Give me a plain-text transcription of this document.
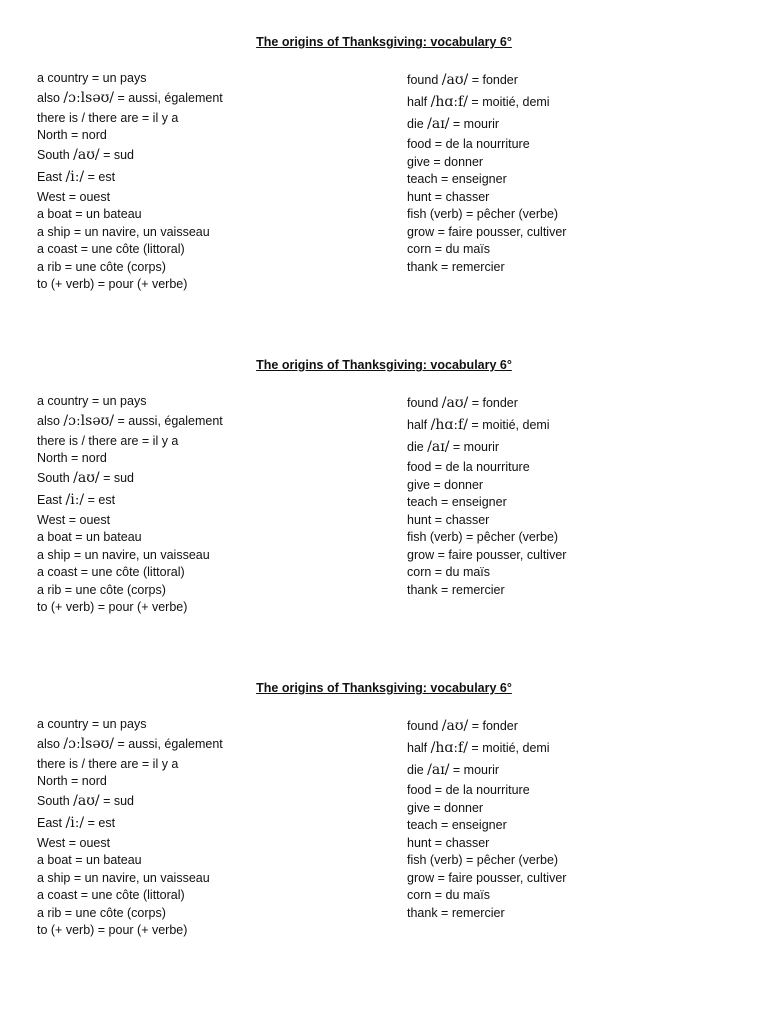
The origins of Thanksgiving: vocabulary 6°
a country = un pays
also /ɔːlsəʊ/ = aussi, également
there is / there are = il y a
North = nord
South /aʊ/ = sud
East /iː/ = est
West = ouest
a boat = un bateau
a ship = un navire, un vaisseau
a coast = une côte (littoral)
a rib = une côte (corps)
to (+ verb) = pour (+ verbe)
found /aʊ/ = fonder
half /hɑːf/ = moitié, demi
die /aɪ/ = mourir
food = de la nourriture
give = donner
teach = enseigner
hunt = chasser
fish (verb) = pêcher (verbe)
grow = faire pousser, cultiver
corn = du maïs
thank = remercier
The origins of Thanksgiving: vocabulary 6°
a country = un pays
also /ɔːlsəʊ/ = aussi, également
there is / there are = il y a
North = nord
South /aʊ/ = sud
East /iː/ = est
West = ouest
a boat = un bateau
a ship = un navire, un vaisseau
a coast = une côte (littoral)
a rib = une côte (corps)
to (+ verb) = pour (+ verbe)
found /aʊ/ = fonder
half /hɑːf/ = moitié, demi
die /aɪ/ = mourir
food = de la nourriture
give = donner
teach = enseigner
hunt = chasser
fish (verb) = pêcher (verbe)
grow = faire pousser, cultiver
corn = du maïs
thank = remercier
The origins of Thanksgiving: vocabulary 6°
a country = un pays
also /ɔːlsəʊ/ = aussi, également
there is / there are = il y a
North = nord
South /aʊ/ = sud
East /iː/ = est
West = ouest
a boat = un bateau
a ship = un navire, un vaisseau
a coast = une côte (littoral)
a rib = une côte (corps)
to (+ verb) = pour (+ verbe)
found /aʊ/ = fonder
half /hɑːf/ = moitié, demi
die /aɪ/ = mourir
food = de la nourriture
give = donner
teach = enseigner
hunt = chasser
fish (verb) = pêcher (verbe)
grow = faire pousser, cultiver
corn = du maïs
thank = remercier
